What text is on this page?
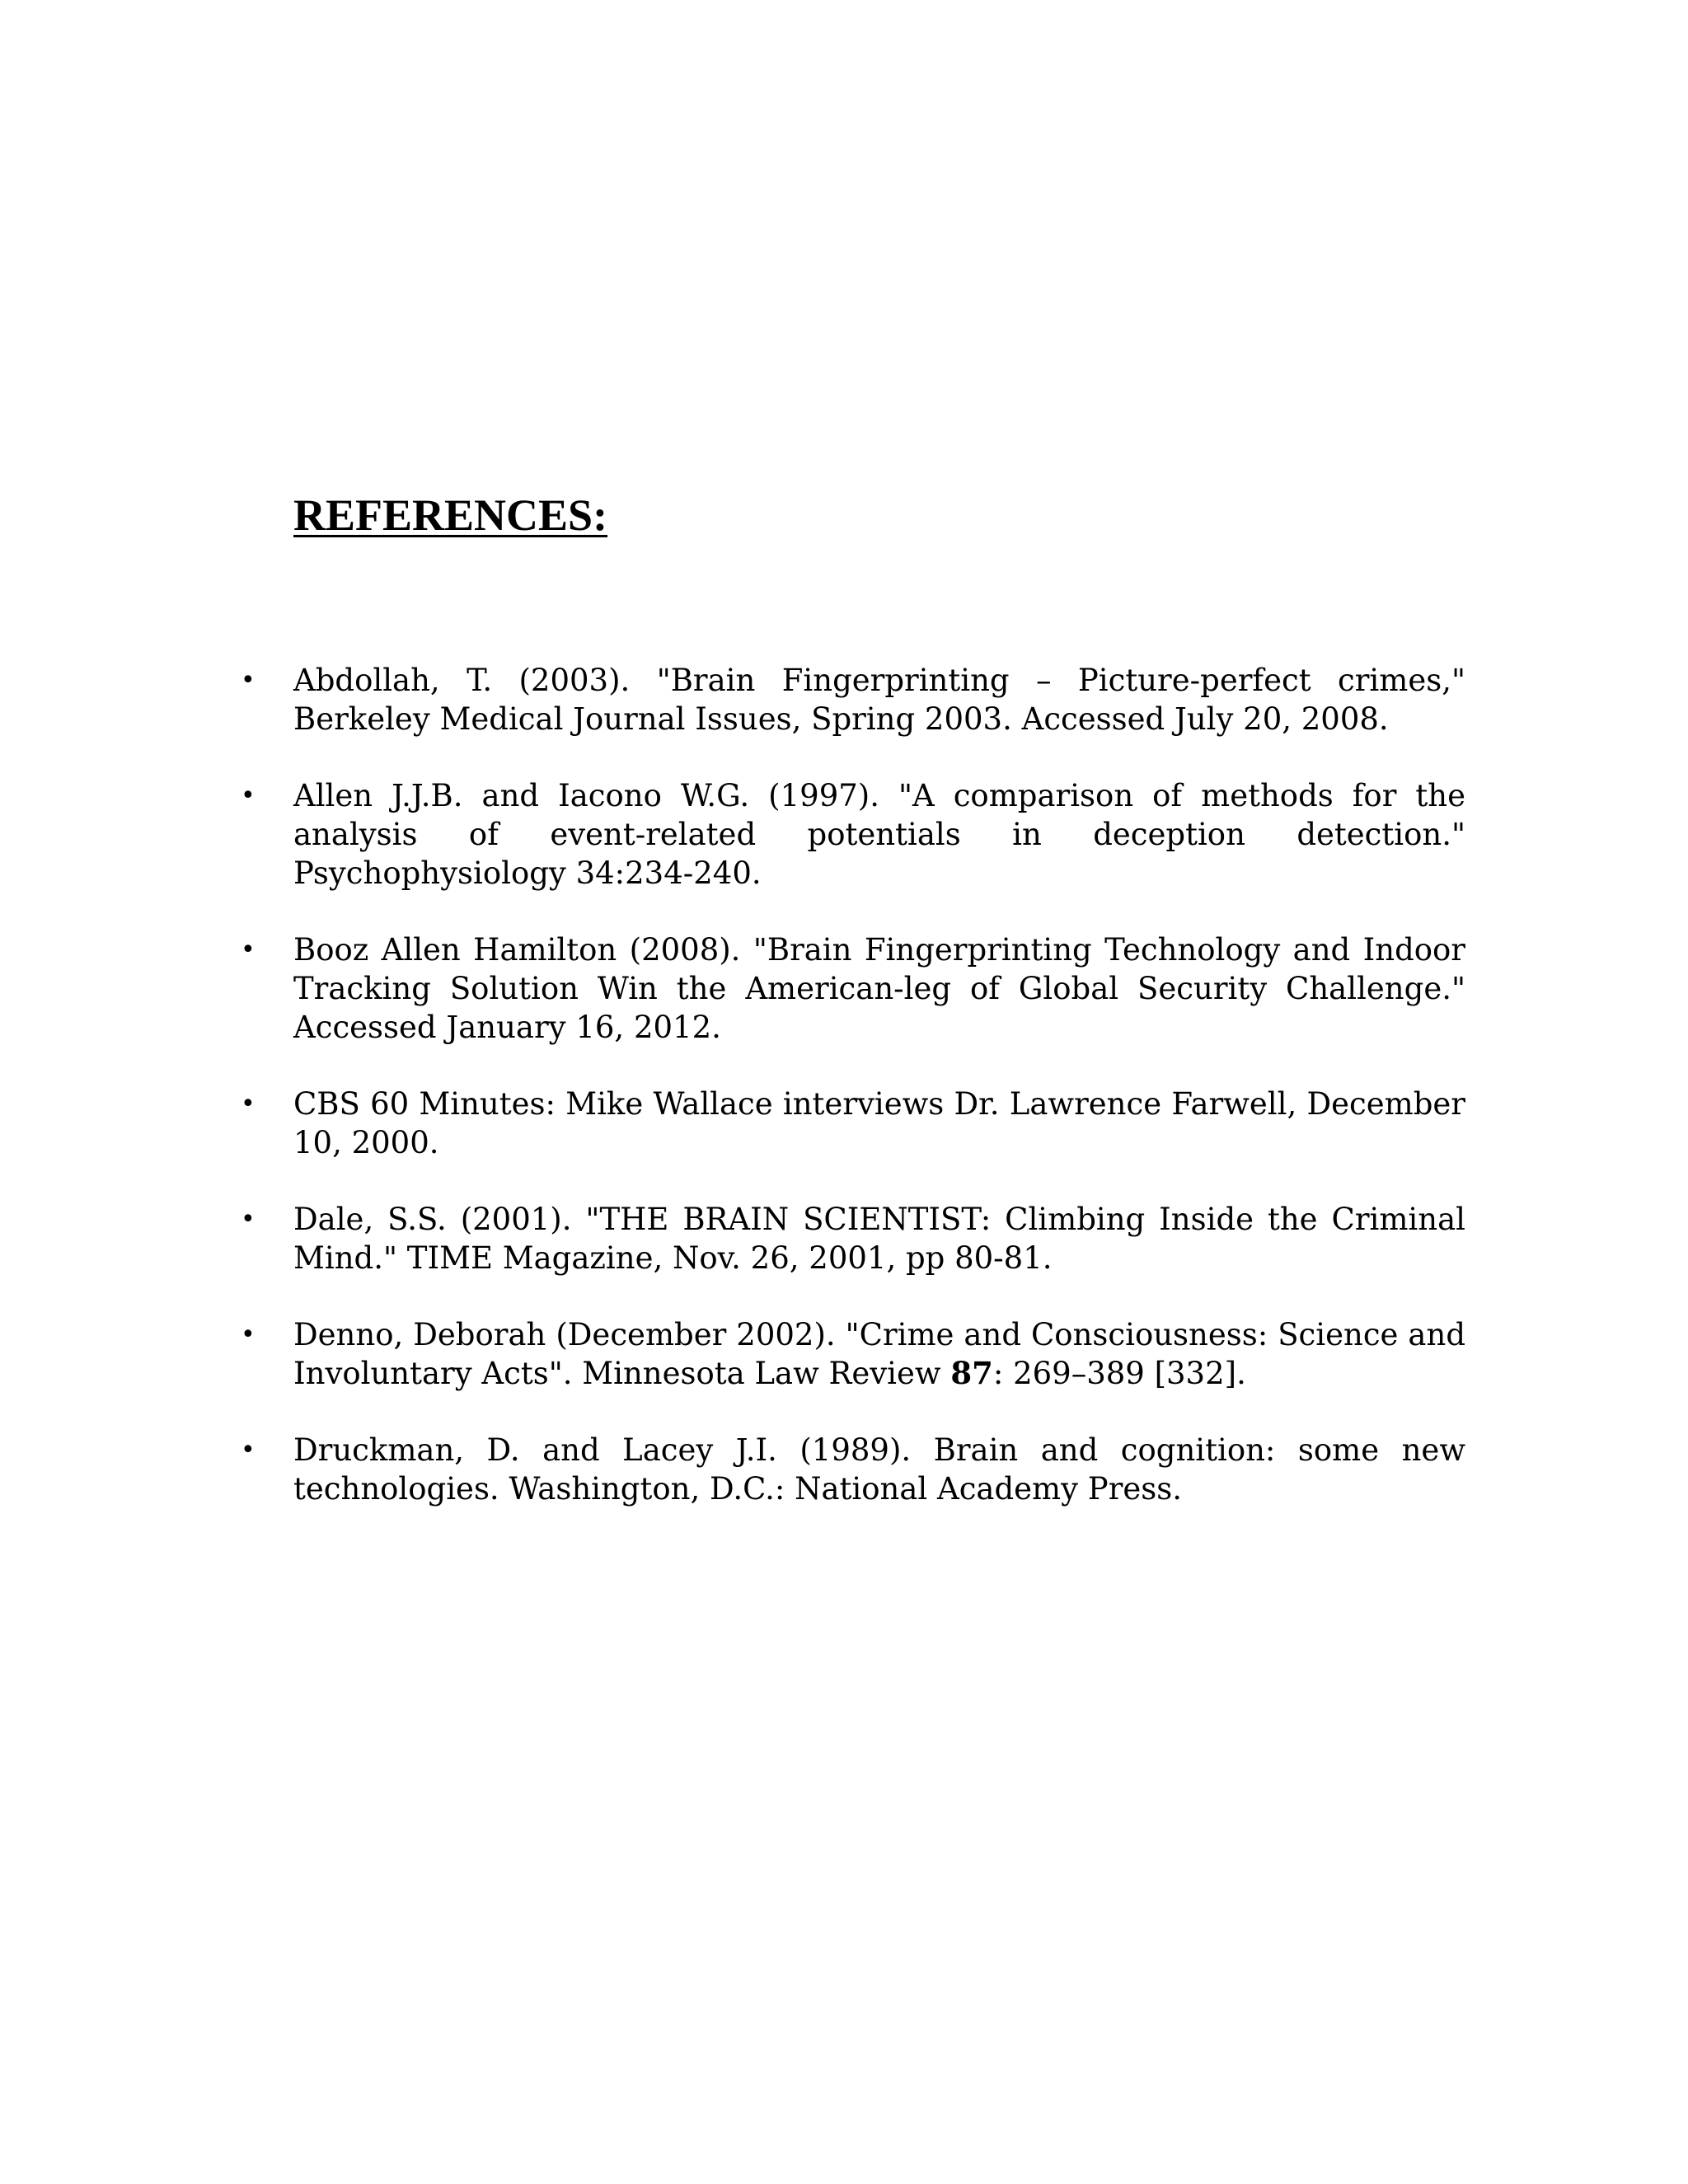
REFERENCES:
• Abdollah, T. (2003). "Brain Fingerprinting – Picture-perfect crimes," Berkeley Medical Journal Issues, Spring 2003. Accessed July 20, 2008.
• Allen J.J.B. and Iacono W.G. (1997). "A comparison of methods for the analysis of event-related potentials in deception detection." Psychophysiology 34:234-240.
• Booz Allen Hamilton (2008). "Brain Fingerprinting Technology and Indoor Tracking Solution Win the American-leg of Global Security Challenge." Accessed January 16, 2012.
• CBS 60 Minutes: Mike Wallace interviews Dr. Lawrence Farwell, December 10, 2000.
• Dale, S.S. (2001). "THE BRAIN SCIENTIST: Climbing Inside the Criminal Mind." TIME Magazine, Nov. 26, 2001, pp 80-81.
• Denno, Deborah (December 2002). "Crime and Consciousness: Science and Involuntary Acts". Minnesota Law Review 87: 269–389 [332].
• Druckman, D. and Lacey J.I. (1989). Brain and cognition: some new technologies. Washington, D.C.: National Academy Press.
